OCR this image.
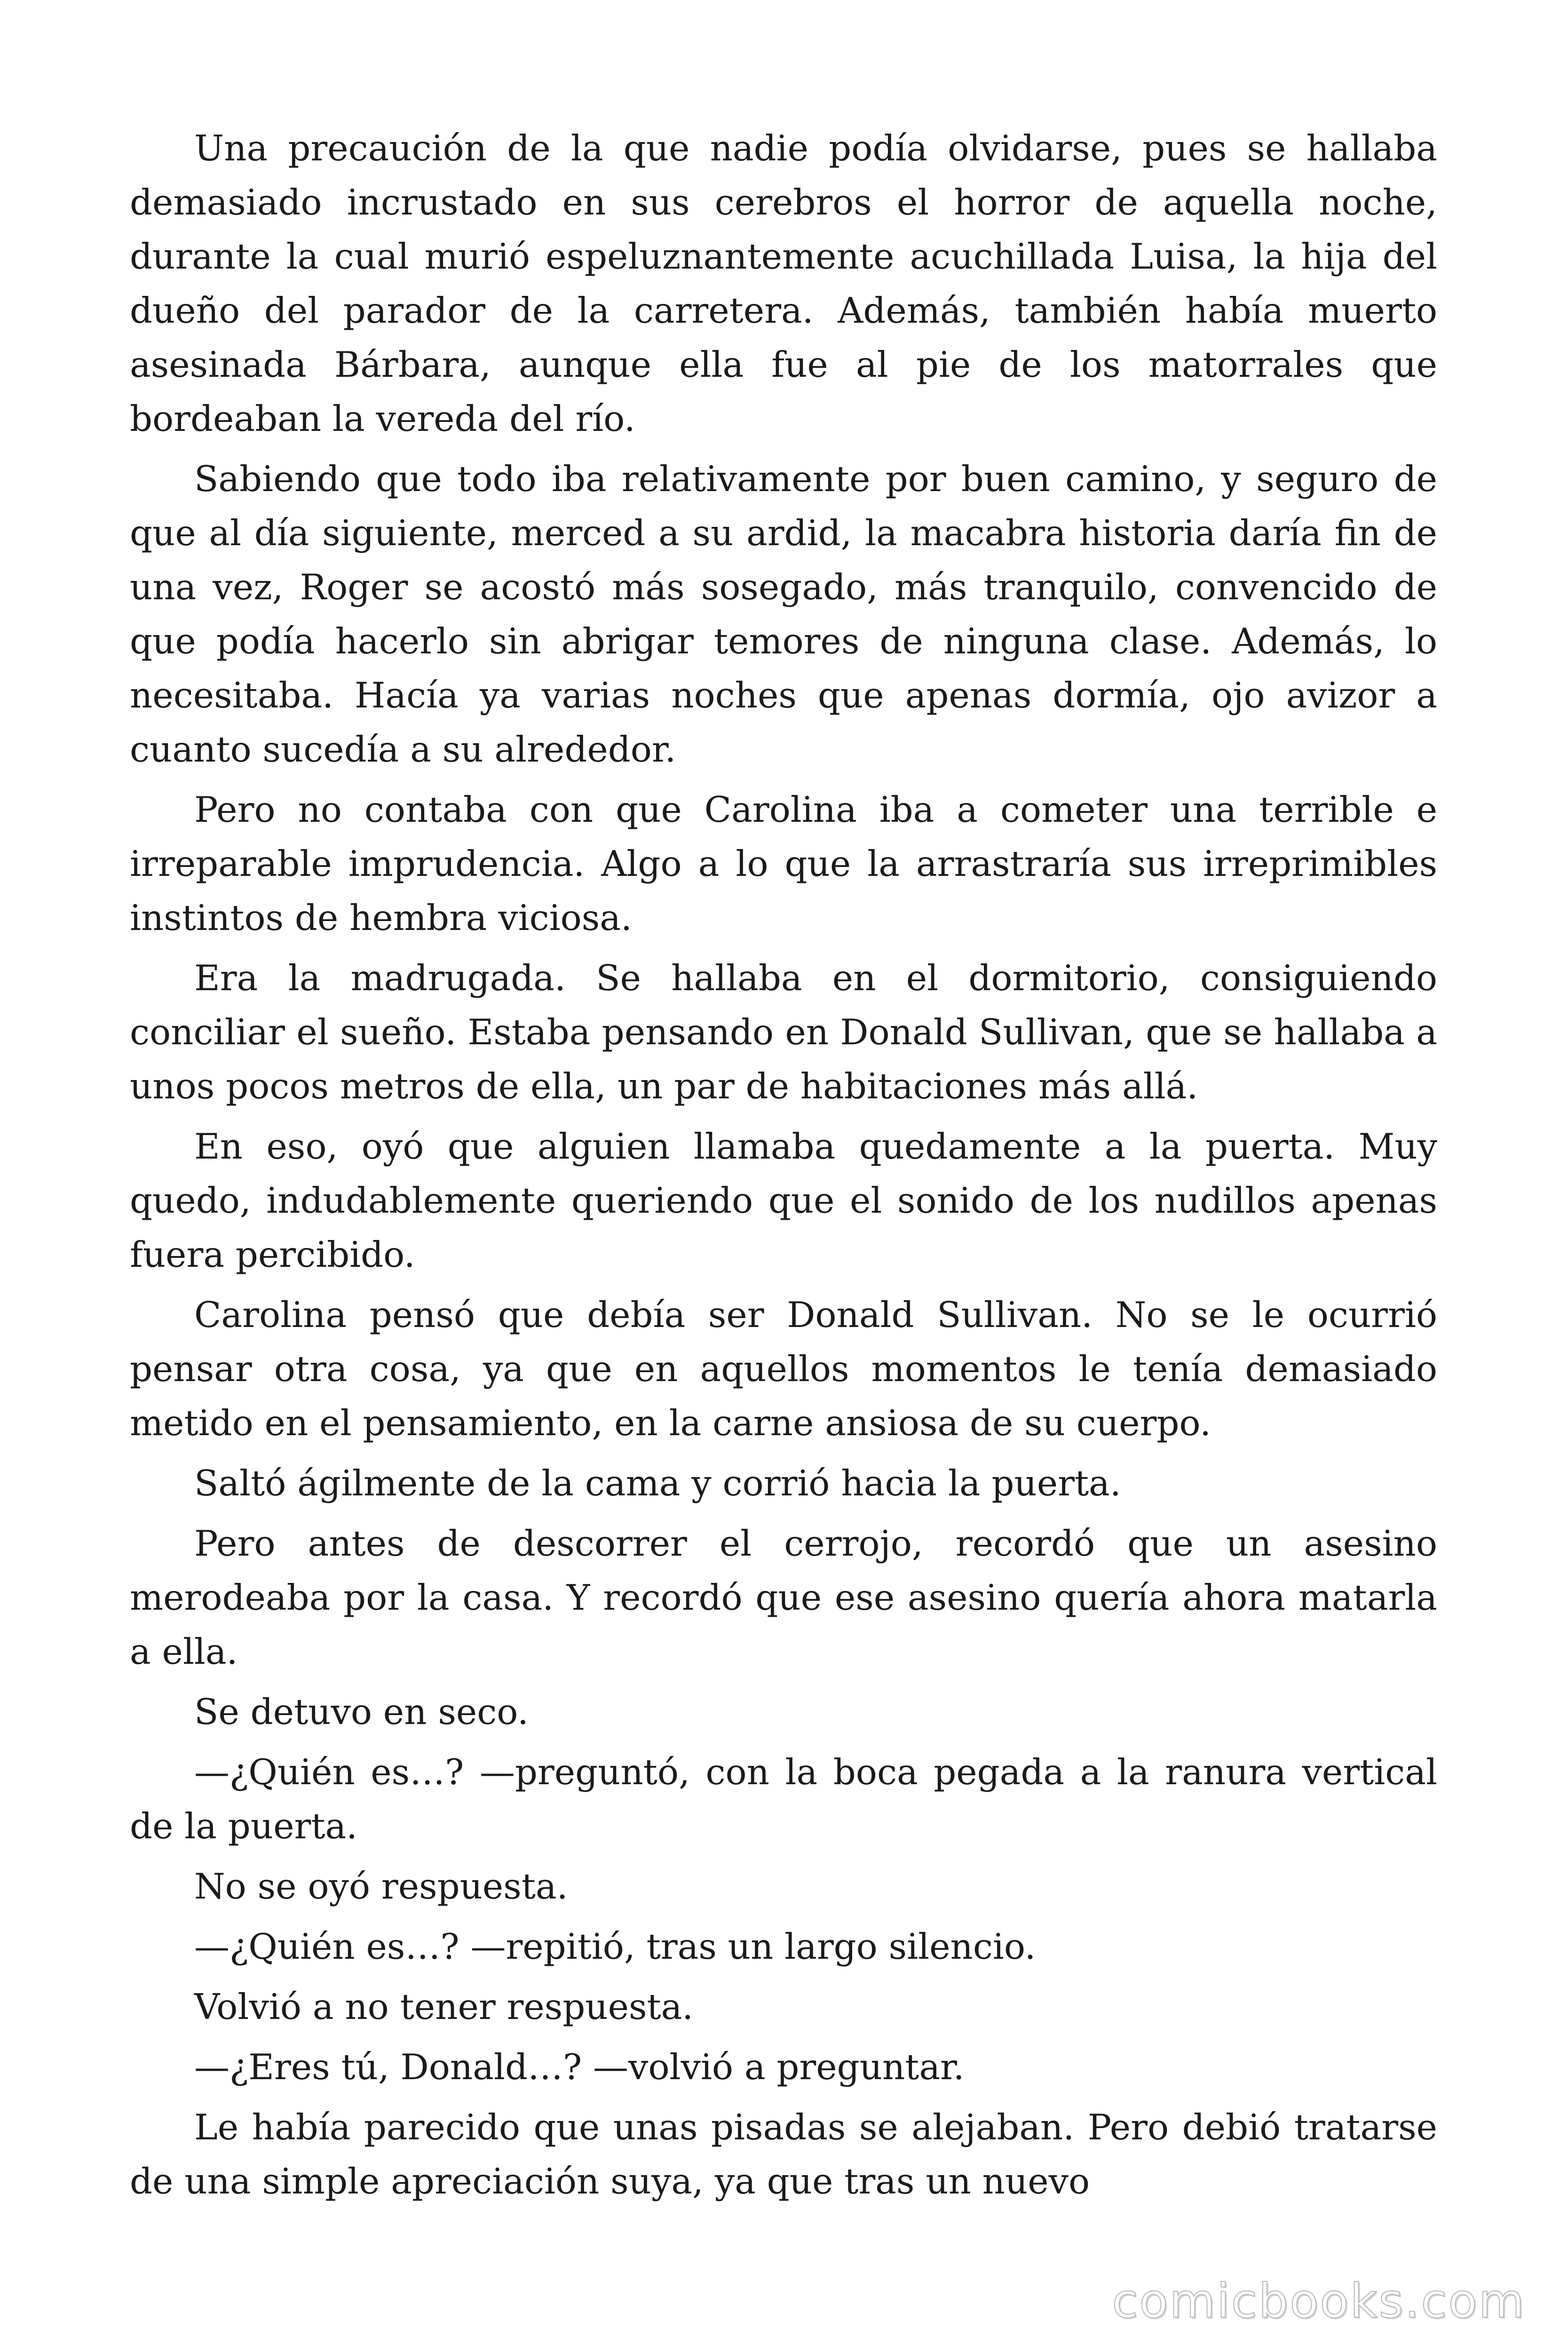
Una precaución de la que nadie podía olvidarse, pues se hallaba demasiado incrustado en sus cerebros el horror de aquella noche, durante la cual murió espeluznantemente acuchillada Luisa, la hija del dueño del parador de la carretera. Además, también había muerto asesinada Bárbara, aunque ella fue al pie de los matorrales que bordeaban la vereda del río.

Sabiendo que todo iba relativamente por buen camino, y seguro de que al día siguiente, merced a su ardid, la macabra historia daría fin de una vez, Roger se acostó más sosegado, más tranquilo, convencido de que podía hacerlo sin abrigar temores de ninguna clase. Además, lo necesitaba. Hacía ya varias noches que apenas dormía, ojo avizor a cuanto sucedía a su alrededor.

Pero no contaba con que Carolina iba a cometer una terrible e irreparable imprudencia. Algo a lo que la arrastraría sus irreprimibles instintos de hembra viciosa.

Era la madrugada. Se hallaba en el dormitorio, consiguiendo conciliar el sueño. Estaba pensando en Donald Sullivan, que se hallaba a unos pocos metros de ella, un par de habitaciones más allá.

En eso, oyó que alguien llamaba quedamente a la puerta. Muy quedo, indudablemente queriendo que el sonido de los nudillos apenas fuera percibido.

Carolina pensó que debía ser Donald Sullivan. No se le ocurrió pensar otra cosa, ya que en aquellos momentos le tenía demasiado metido en el pensamiento, en la carne ansiosa de su cuerpo.

Saltó ágilmente de la cama y corrió hacia la puerta.

Pero antes de descorrer el cerrojo, recordó que un asesino merodeaba por la casa. Y recordó que ese asesino quería ahora matarla a ella.

Se detuvo en seco.

—¿Quién es…? —preguntó, con la boca pegada a la ranura vertical de la puerta.

No se oyó respuesta.

—¿Quién es…? —repitió, tras un largo silencio.

Volvió a no tener respuesta.

—¿Eres tú, Donald…? —volvió a preguntar.

Le había parecido que unas pisadas se alejaban. Pero debió tratarse de una simple apreciación suya, ya que tras un nuevo

comicbooks.com
